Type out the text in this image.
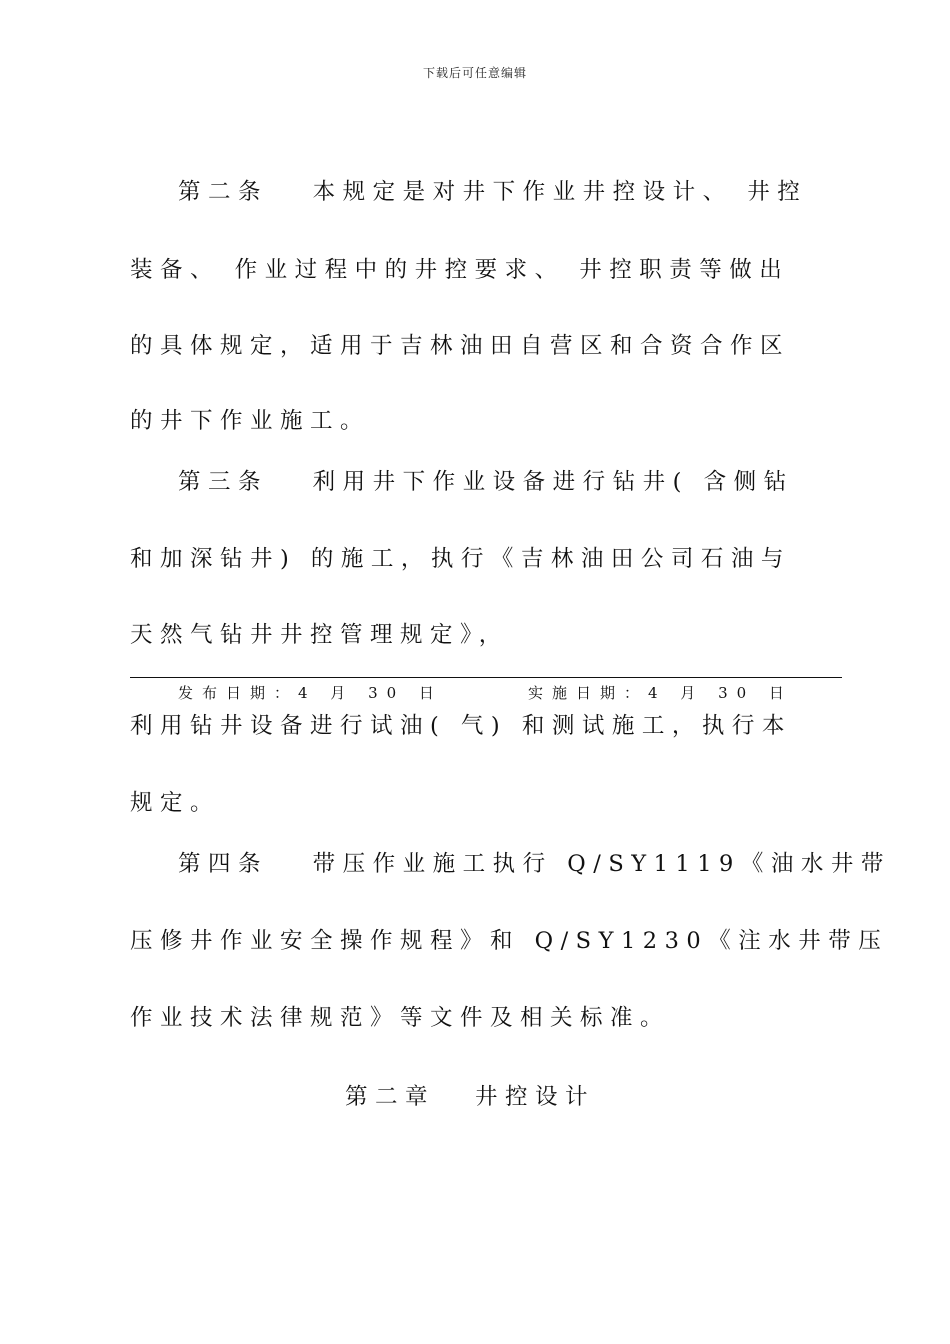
下载后可任意编辑
第二条　 本规定是对井下作业井控设计、 井控
装备、 作业过程中的井控要求、 井控职责等做出
的具体规定，适用于吉林油田自营区和合资合作区
的井下作业施工。
第三条　 利用井下作业设备进行钻井( 含侧钻
和加深钻井) 的施工，执行《吉林油田公司石油与
天然气钻井井控管理规定》，
发布日期：4 月 30 日	实施日期：4 月 30 日
利用钻井设备进行试油( 气) 和测试施工，执行本
规定。
第四条　 带压作业施工执行 Q/SY1119《油水井带
压修井作业安全操作规程》和 Q/SY1230《注水井带压
作业技术法律规范》等文件及相关标准。
第二章 井控设计
